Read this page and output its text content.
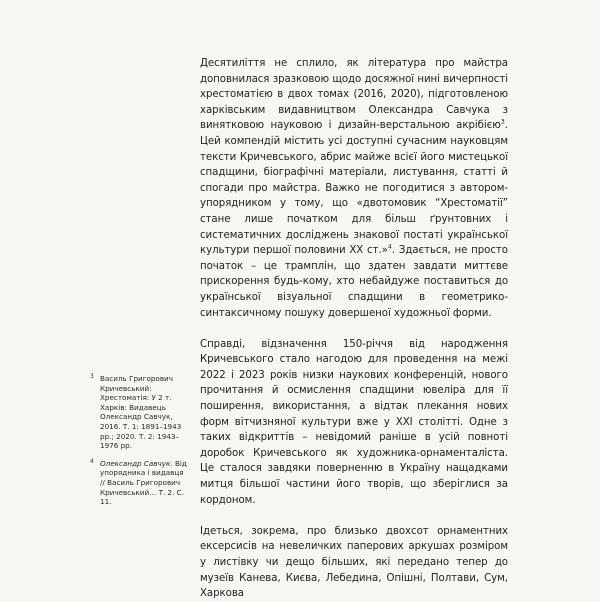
Десятиліття не сплило, як література про майстра доповнилася зразковою щодо досяжної нині вичерпності хрестоматією в двох томах (2016, 2020), підготовленою харківським видавництвом Олександра Савчука з винятковою науковою і дизайн-верстальною акрібією$^3$. Цей компендій містить усі доступні сучасним науковцям тексти Кричевського, абрис майже всієї його мистецької спадщини, біографічні матеріали, листування, статті й спогади про майстра. Важко не погодитися з автором-упорядником у тому, що «двотомовик “Хрестоматії” стане лише початком для більш ґрунтовних і систематичних досліджень знакової постаті української культури першої половини ХХ ст.»$^4$. Здається, не просто початок – це трамплін, що здатен завдати миттєве прискорення будь-кому, хто небайдуже поставиться до української візуальної спадщини в геометрико-синтаксичному пошуку довершеної художньої форми.

Справді, відзначення 150-річчя від народження Кричевського стало нагодою для проведення на межі 2022 і 2023 років низки наукових конференцій, нового прочитання й осмислення спадщини ювеліра для її поширення, використання, а відтак плекання нових форм вітчизняної культури вже у ХХІ столітті. Одне з таких відкриттів – невідомий раніше в усій повноті доробок Кричевського як художника-орнаменталіста. Це сталося завдяки поверненню в Україну нащадками митця більшої частини його творів, що зберіглися за кордоном.

Ідеться, зокрема, про близько двохсот орнаментних ексерсисів на невеличких паперових аркушах розміром у листівку чи дещо більших, які передано тепер до музеїв Канева, Києва, Лебедина, Опішні, Полтави, Сум, Харкова

3 Василь Григорович Кричевський: Хрестоматія: У 2 т. Харків: Видавець Олександр Савчук, 2016. Т. 1: 1891–1943 рр.; 2020. Т. 2: 1943–1976 рр.
4 Олександр Савчук. Від упорядника і видавця // Василь Григорович Кричевський… Т. 2. С. 11.
